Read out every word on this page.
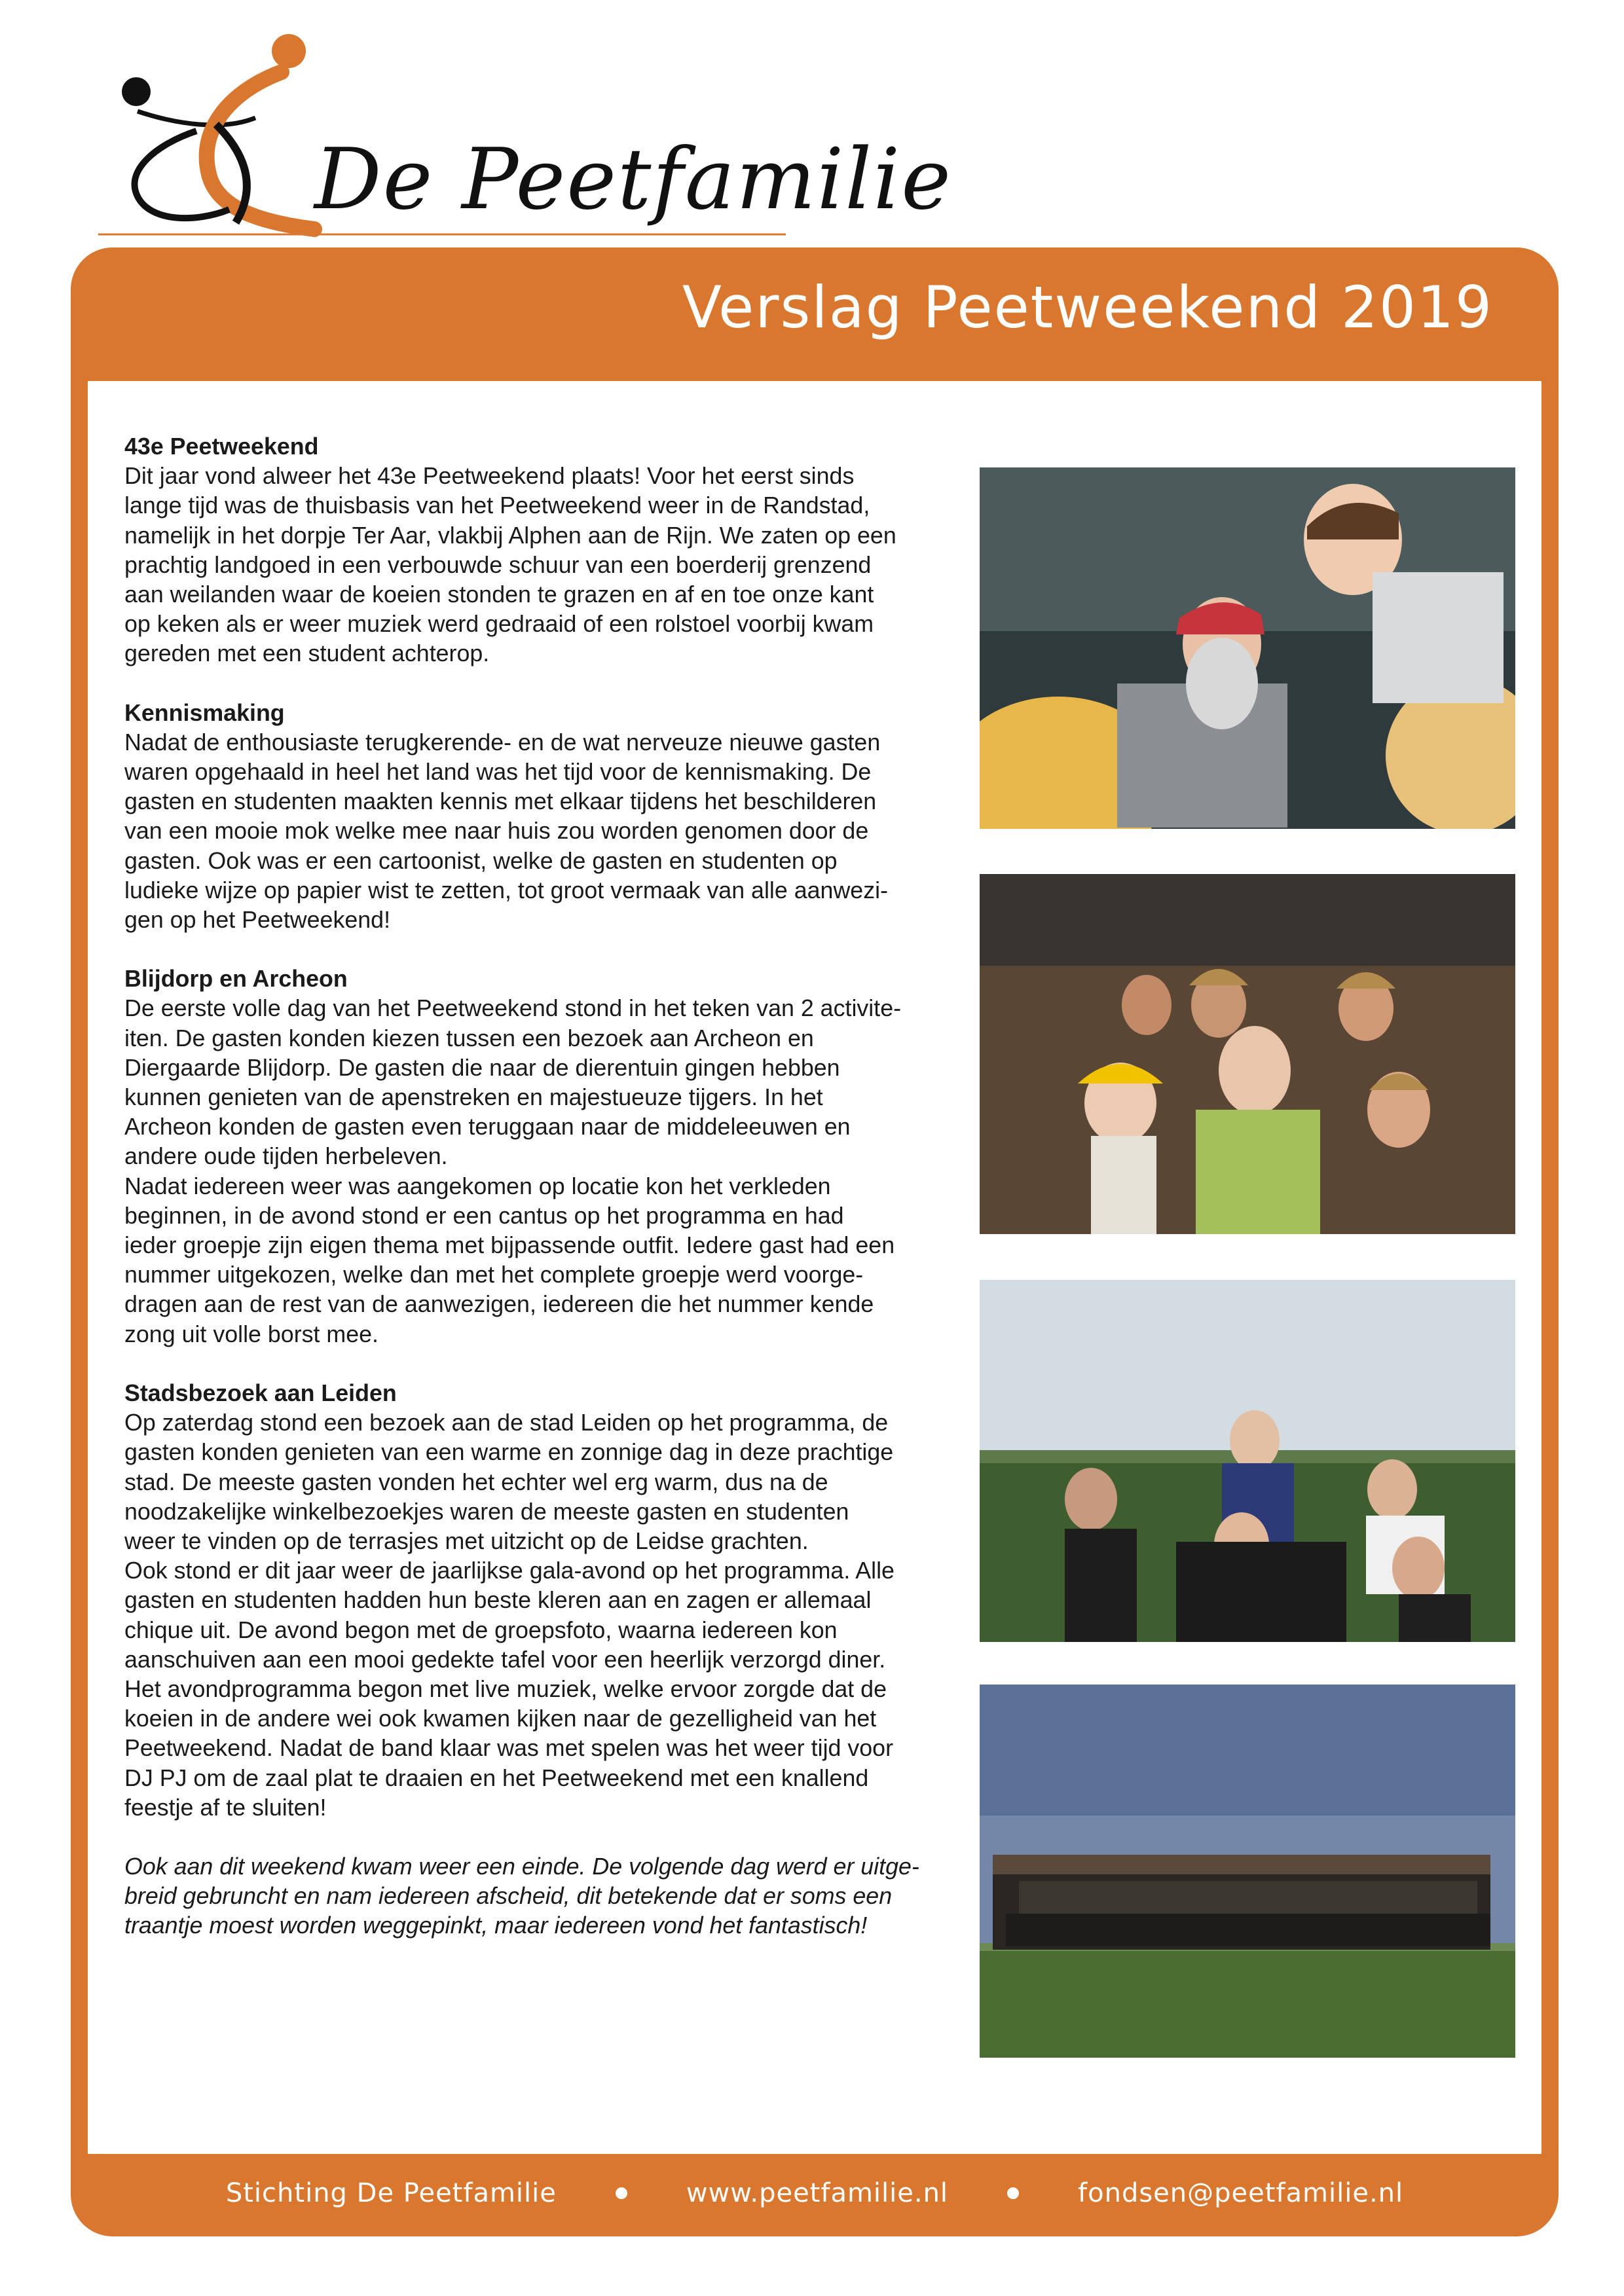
De Peetfamilie
Verslag Peetweekend 2019
43e Peetweekend

Dit jaar vond alweer het 43e Peetweekend plaats! Voor het eerst sinds
lange tijd was de thuisbasis van het Peetweekend weer in de Randstad,
namelijk in het dorpje Ter Aar, vlakbij Alphen aan de Rijn. We zaten op een
prachtig landgoed in een verbouwde schuur van een boerderij grenzend
aan weilanden waar de koeien stonden te grazen en af en toe onze kant
op keken als er weer muziek werd gedraaid of een rolstoel voorbij kwam
gereden met een student achterop.

Kennismaking

Nadat de enthousiaste terugkerende- en de wat nerveuze nieuwe gasten
waren opgehaald in heel het land was het tijd voor de kennismaking. De
gasten en studenten maakten kennis met elkaar tijdens het beschilderen
van een mooie mok welke mee naar huis zou worden genomen door de
gasten. Ook was er een cartoonist, welke de gasten en studenten op
ludieke wijze op papier wist te zetten, tot groot vermaak van alle aanwezi-
gen op het Peetweekend!

Blijdorp en Archeon

De eerste volle dag van het Peetweekend stond in het teken van 2 activite-
iten. De gasten konden kiezen tussen een bezoek aan Archeon en
Diergaarde Blijdorp. De gasten die naar de dierentuin gingen hebben
kunnen genieten van de apenstreken en majestueuze tijgers. In het
Archeon konden de gasten even teruggaan naar de middeleeuwen en
andere oude tijden herbeleven.
Nadat iedereen weer was aangekomen op locatie kon het verkleden
beginnen, in de avond stond er een cantus op het programma en had
ieder groepje zijn eigen thema met bijpassende outfit. Iedere gast had een
nummer uitgekozen, welke dan met het complete groepje werd voorge-
dragen aan de rest van de aanwezigen, iedereen die het nummer kende
zong uit volle borst mee.

Stadsbezoek aan Leiden

Op zaterdag stond een bezoek aan de stad Leiden op het programma, de
gasten konden genieten van een warme en zonnige dag in deze prachtige
stad. De meeste gasten vonden het echter wel erg warm, dus na de
noodzakelijke winkelbezoekjes waren de meeste gasten en studenten
weer te vinden op de terrasjes met uitzicht op de Leidse grachten.
Ook stond er dit jaar weer de jaarlijkse gala-avond op het programma. Alle
gasten en studenten hadden hun beste kleren aan en zagen er allemaal
chique uit. De avond begon met de groepsfoto, waarna iedereen kon
aanschuiven aan een mooi gedekte tafel voor een heerlijk verzorgd diner.
Het avondprogramma begon met live muziek, welke ervoor zorgde dat de
koeien in de andere wei ook kwamen kijken naar de gezelligheid van het
Peetweekend. Nadat de band klaar was met spelen was het weer tijd voor
DJ PJ om de zaal plat te draaien en het Peetweekend met een knallend
feestje af te sluiten!

Ook aan dit weekend kwam weer een einde. De volgende dag werd er uitge-
breid gebruncht en nam iedereen afscheid, dit betekende dat er soms een
traantje moest worden weggepinkt, maar iedereen vond het fantastisch!

Stichting De Peetfamilie	www.peetfamilie.nl	fondsen@peetfamilie.nl
